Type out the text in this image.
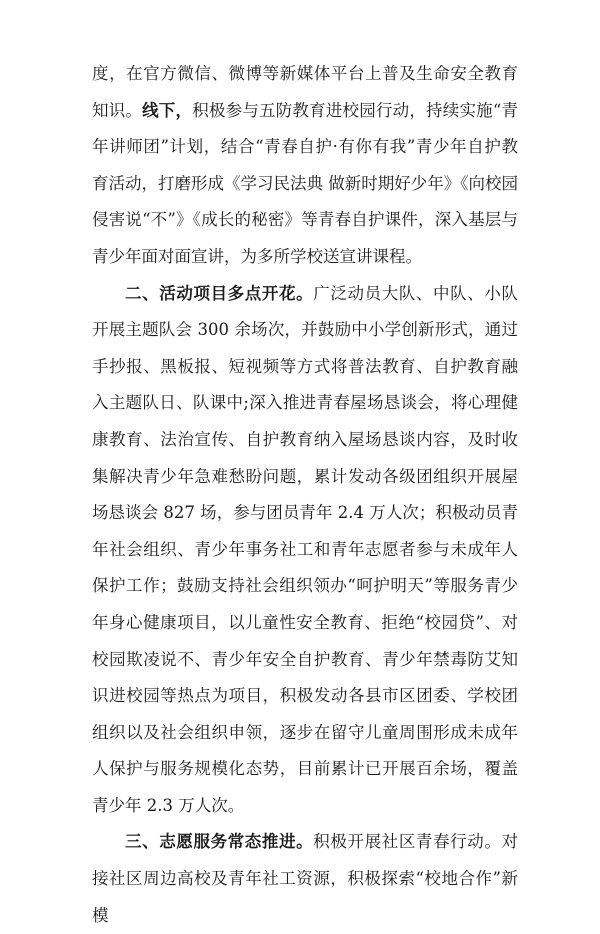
度，在官方微信、微博等新媒体平台上普及生命安全教育知识。线下，积极参与五防教育进校园行动，持续实施“青年讲师团”计划，结合“青春自护·有你有我”青少年自护教育活动，打磨形成《学习民法典 做新时期好少年》《向校园侵害说“不”》《成长的秘密》等青春自护课件，深入基层与青少年面对面宣讲，为多所学校送宣讲课程。

二、活动项目多点开花。广泛动员大队、中队、小队开展主题队会 300 余场次，并鼓励中小学创新形式，通过手抄报、黑板报、短视频等方式将普法教育、自护教育融入主题队日、队课中;深入推进青春屋场恳谈会，将心理健康教育、法治宣传、自护教育纳入屋场恳谈内容，及时收集解决青少年急难愁盼问题，累计发动各级团组织开展屋场恳谈会 827 场，参与团员青年 2.4 万人次；积极动员青年社会组织、青少年事务社工和青年志愿者参与未成年人保护工作；鼓励支持社会组织领办“呵护明天”等服务青少年身心健康项目，以儿童性安全教育、拒绝“校园贷”、对校园欺凌说不、青少年安全自护教育、青少年禁毒防艾知识进校园等热点为项目，积极发动各县市区团委、学校团组织以及社会组织申领，逐步在留守儿童周围形成未成年人保护与服务规模化态势，目前累计已开展百余场，覆盖青少年 2.3 万人次。

三、志愿服务常态推进。积极开展社区青春行动。对接社区周边高校及青年社工资源，积极探索“校地合作”新模
